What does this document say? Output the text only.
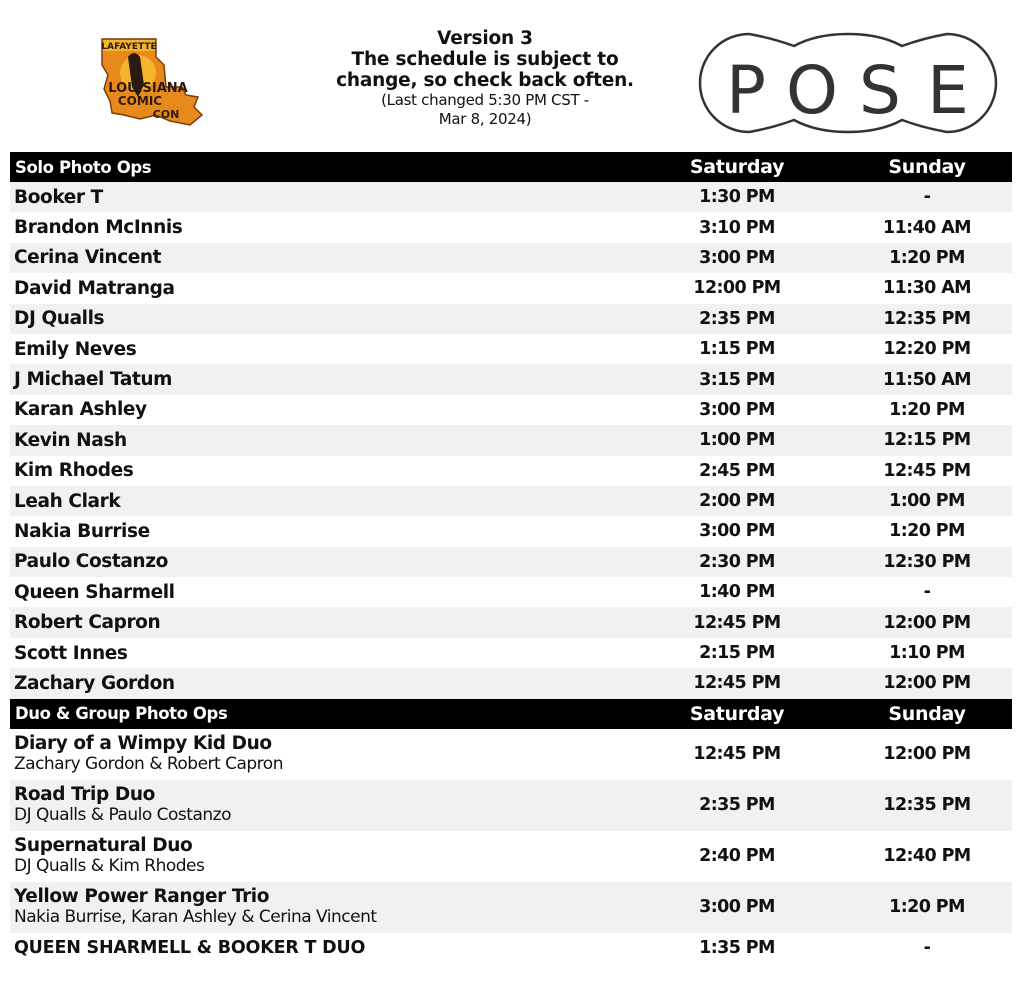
LAFAYETTE
LOUISIANA
COMIC
CON
Version 3
The schedule is subject to
change, so check back often.
(Last changed 5:30 PM CST -
Mar 8, 2024)	P O S E
Solo Photo Ops	Saturday	Sunday
Booker T	1:30 PM	-
Brandon McInnis	3:10 PM	11:40 AM
Cerina Vincent	3:00 PM	1:20 PM
David Matranga	12:00 PM	11:30 AM
DJ Qualls	2:35 PM	12:35 PM
Emily Neves	1:15 PM	12:20 PM
J Michael Tatum	3:15 PM	11:50 AM
Karan Ashley	3:00 PM	1:20 PM
Kevin Nash	1:00 PM	12:15 PM
Kim Rhodes	2:45 PM	12:45 PM
Leah Clark	2:00 PM	1:00 PM
Nakia Burrise	3:00 PM	1:20 PM
Paulo Costanzo	2:30 PM	12:30 PM
Queen Sharmell	1:40 PM	-
Robert Capron	12:45 PM	12:00 PM
Scott Innes	2:15 PM	1:10 PM
Zachary Gordon	12:45 PM	12:00 PM
Duo & Group Photo Ops	Saturday	Sunday
Diary of a Wimpy Kid Duo
Zachary Gordon & Robert Capron	12:45 PM	12:00 PM
Road Trip Duo
DJ Qualls & Paulo Costanzo	2:35 PM	12:35 PM
Supernatural Duo
DJ Qualls & Kim Rhodes	2:40 PM	12:40 PM
Yellow Power Ranger Trio
Nakia Burrise, Karan Ashley & Cerina Vincent	3:00 PM	1:20 PM
QUEEN SHARMELL & BOOKER T DUO	1:35 PM	-
